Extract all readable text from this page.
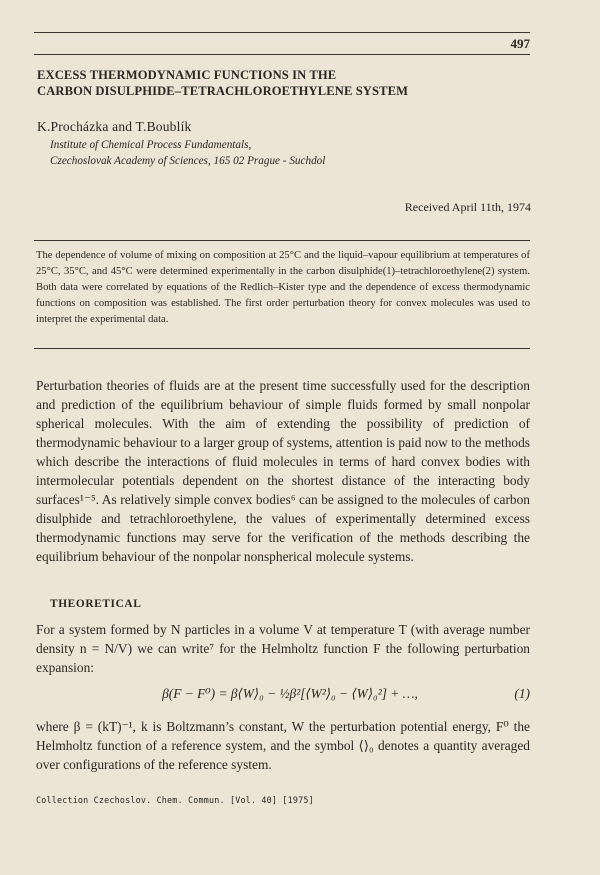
497
EXCESS THERMODYNAMIC FUNCTIONS IN THE
CARBON DISULPHIDE–TETRACHLOROETHYLENE SYSTEM
K.Procházka and T.Boublík
Institute of Chemical Process Fundamentals,
Czechoslovak Academy of Sciences, 165 02 Prague - Suchdol
Received April 11th, 1974
The dependence of volume of mixing on composition at 25°C and the liquid–vapour equilibrium at temperatures of 25°C, 35°C, and 45°C were determined experimentally in the carbon disulphide(1)–tetrachloroethylene(2) system. Both data were correlated by equations of the Redlich–Kister type and the dependence of excess thermodynamic functions on composition was established. The first order perturbation theory for convex molecules was used to interpret the experimental data.

Perturbation theories of fluids are at the present time successfully used for the description and prediction of the equilibrium behaviour of simple fluids formed by small nonpolar spherical molecules. With the aim of extending the possibility of prediction of thermodynamic behaviour to a larger group of systems, attention is paid now to the methods which describe the interactions of fluid molecules in terms of hard convex bodies with intermolecular potentials dependent on the shortest distance of the interacting body surfaces¹⁻⁵. As relatively simple convex bodies⁶ can be assigned to the molecules of carbon disulphide and tetrachloroethylene, the values of experimentally determined excess thermodynamic functions may serve for the verification of the methods describing the equilibrium behaviour of the nonpolar nonspherical molecule systems.

THEORETICAL

For a system formed by N particles in a volume V at temperature T (with average number density n = N/V) we can write⁷ for the Helmholtz function F the following perturbation expansion:

β(F − F⁰) = β⟨W⟩₀ − ½β²[⟨W²⟩₀ − ⟨W⟩₀²] + …,	(1)

where β = (kT)⁻¹, k is Boltzmann’s constant, W the perturbation potential energy, F⁰ the Helmholtz function of a reference system, and the symbol ⟨⟩₀ denotes a quantity averaged over configurations of the reference system.

Collection Czechoslov. Chem. Commun. [Vol. 40] [1975]
